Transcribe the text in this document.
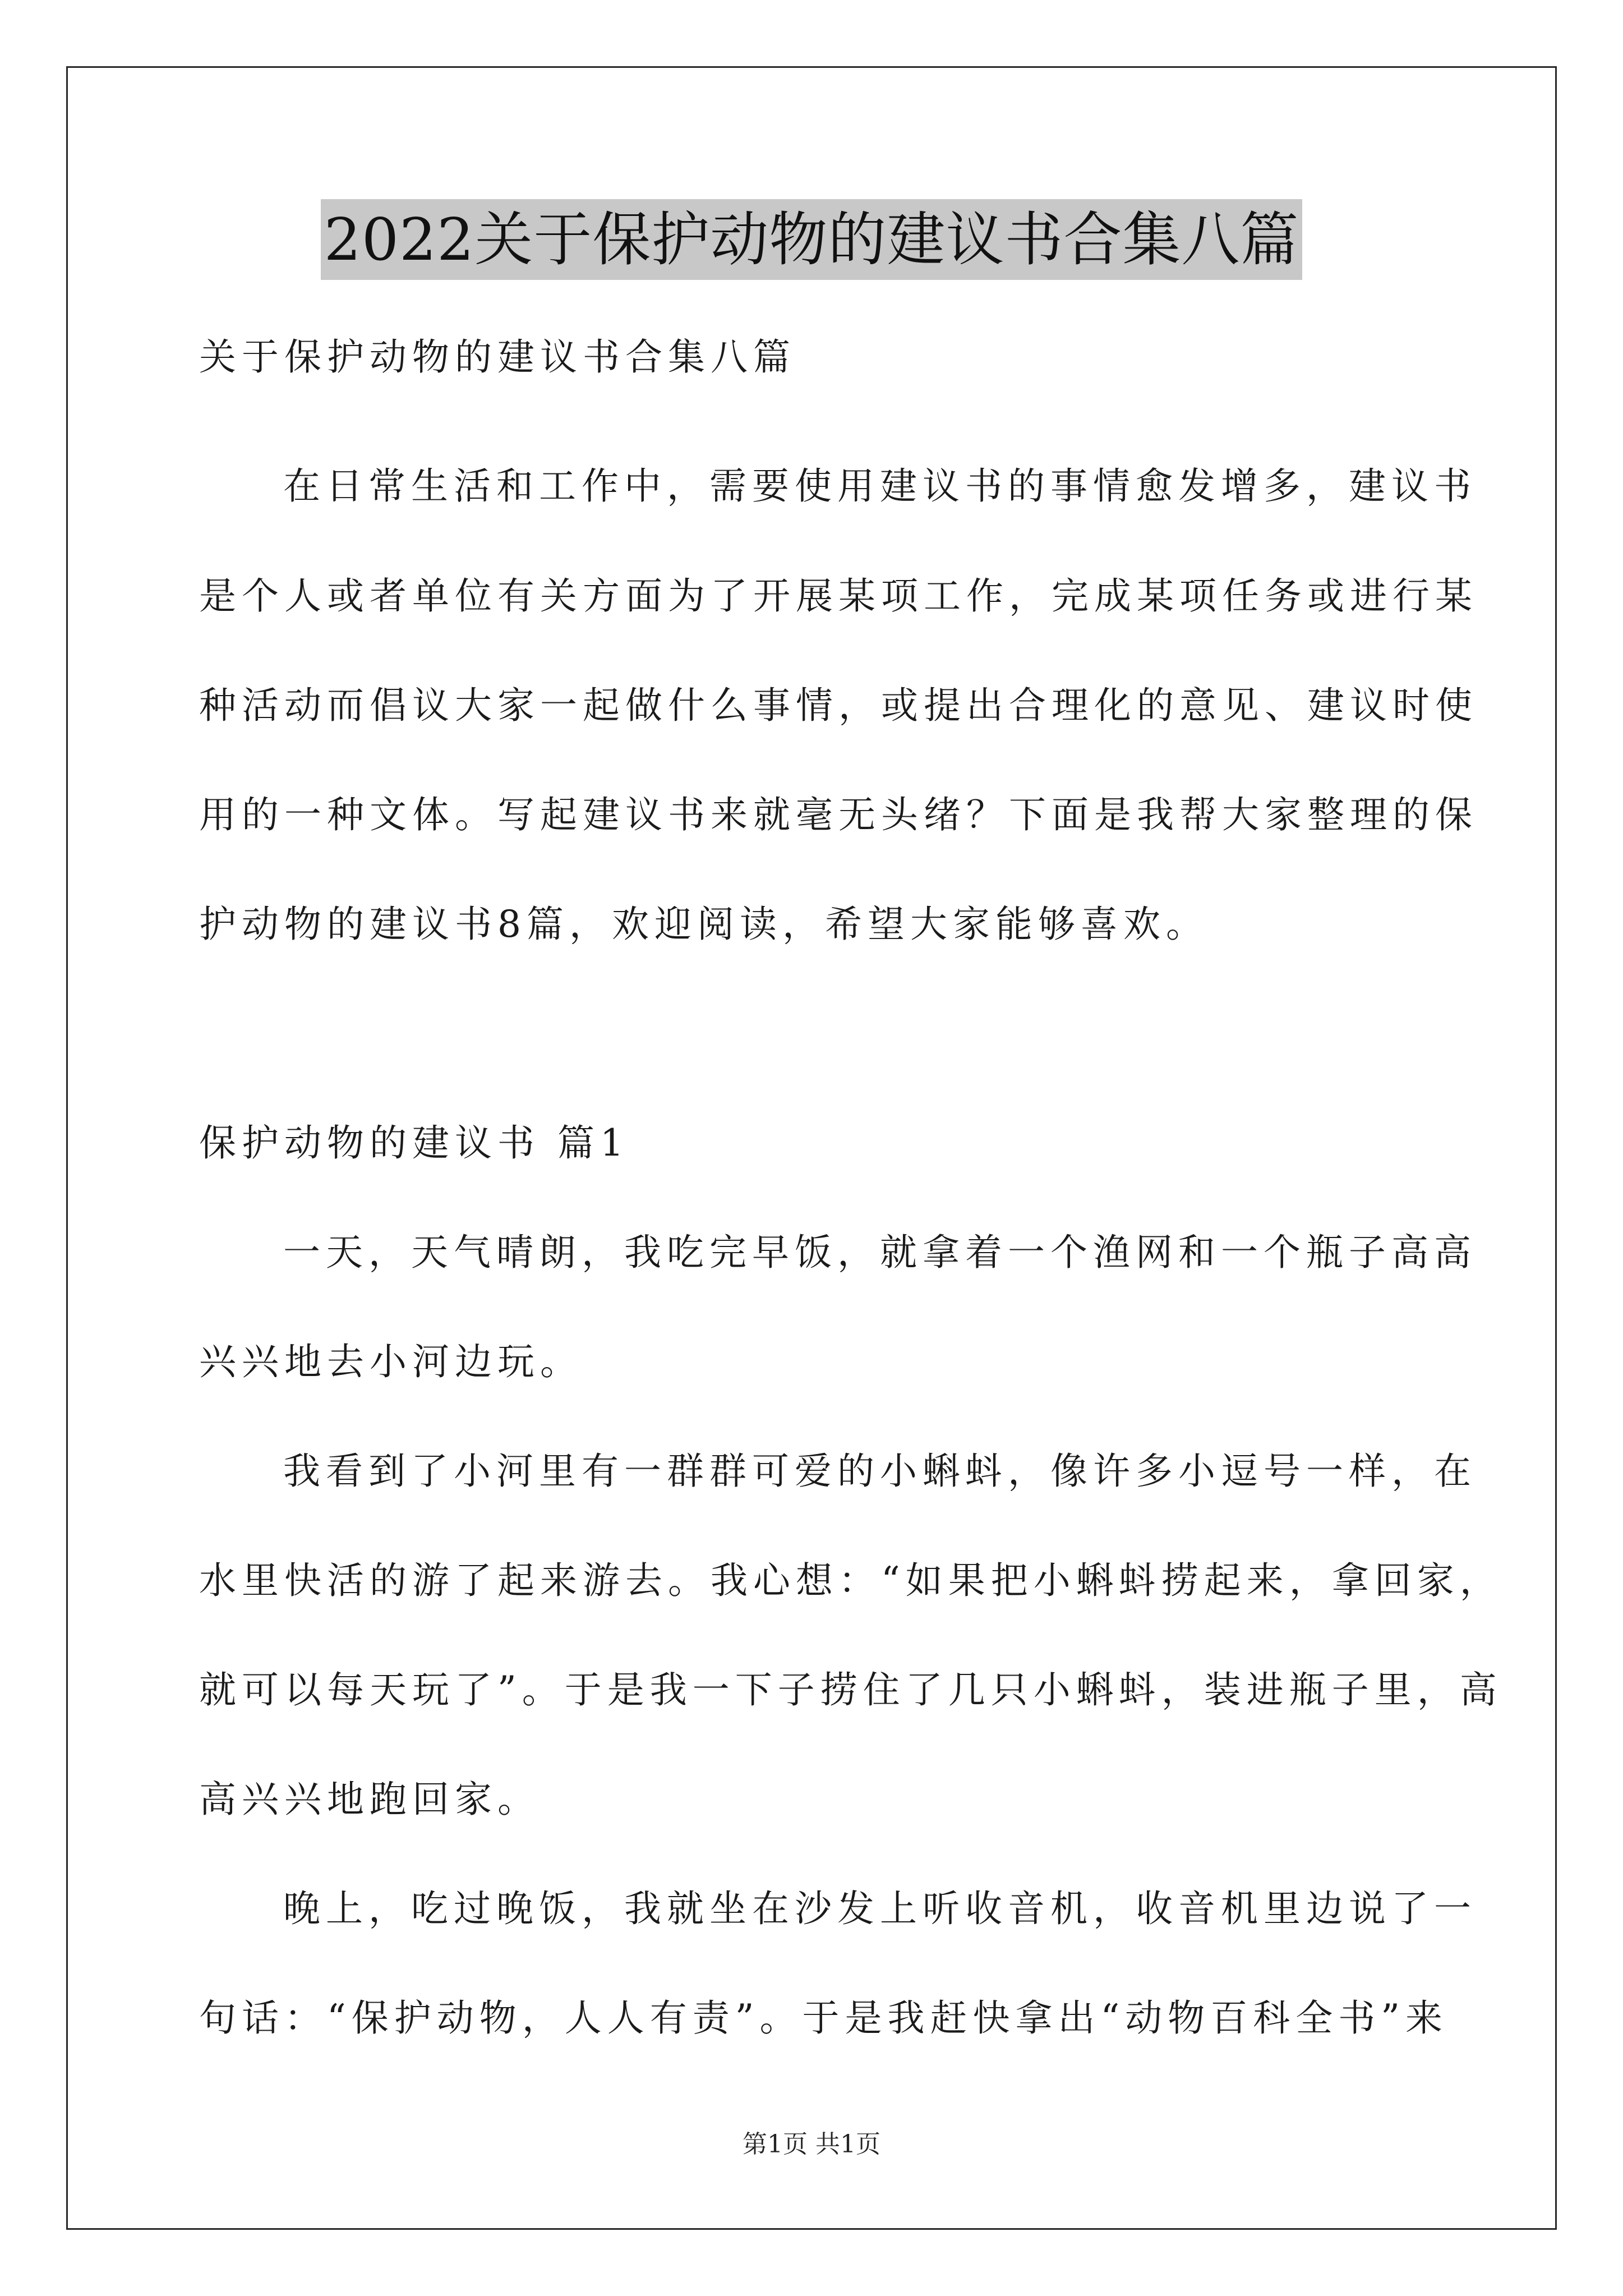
2022关于保护动物的建议书合集八篇
关于保护动物的建议书合集八篇
在日常生活和工作中，需要使用建议书的事情愈发增多，建议书
是个人或者单位有关方面为了开展某项工作，完成某项任务或进行某
种活动而倡议大家一起做什么事情，或提出合理化的意见、建议时使
用的一种文体。写起建议书来就毫无头绪？下面是我帮大家整理的保
护动物的建议书8篇，欢迎阅读，希望大家能够喜欢。
保护动物的建议书 篇1
一天，天气晴朗，我吃完早饭，就拿着一个渔网和一个瓶子高高
兴兴地去小河边玩。
我看到了小河里有一群群可爱的小蝌蚪，像许多小逗号一样，在
水里快活的游了起来游去。我心想：“如果把小蝌蚪捞起来，拿回家，
就可以每天玩了”。于是我一下子捞住了几只小蝌蚪，装进瓶子里，高
高兴兴地跑回家。
晚上，吃过晚饭，我就坐在沙发上听收音机，收音机里边说了一
句话：“保护动物，人人有责”。于是我赶快拿出“动物百科全书”来
第1页 共1页
